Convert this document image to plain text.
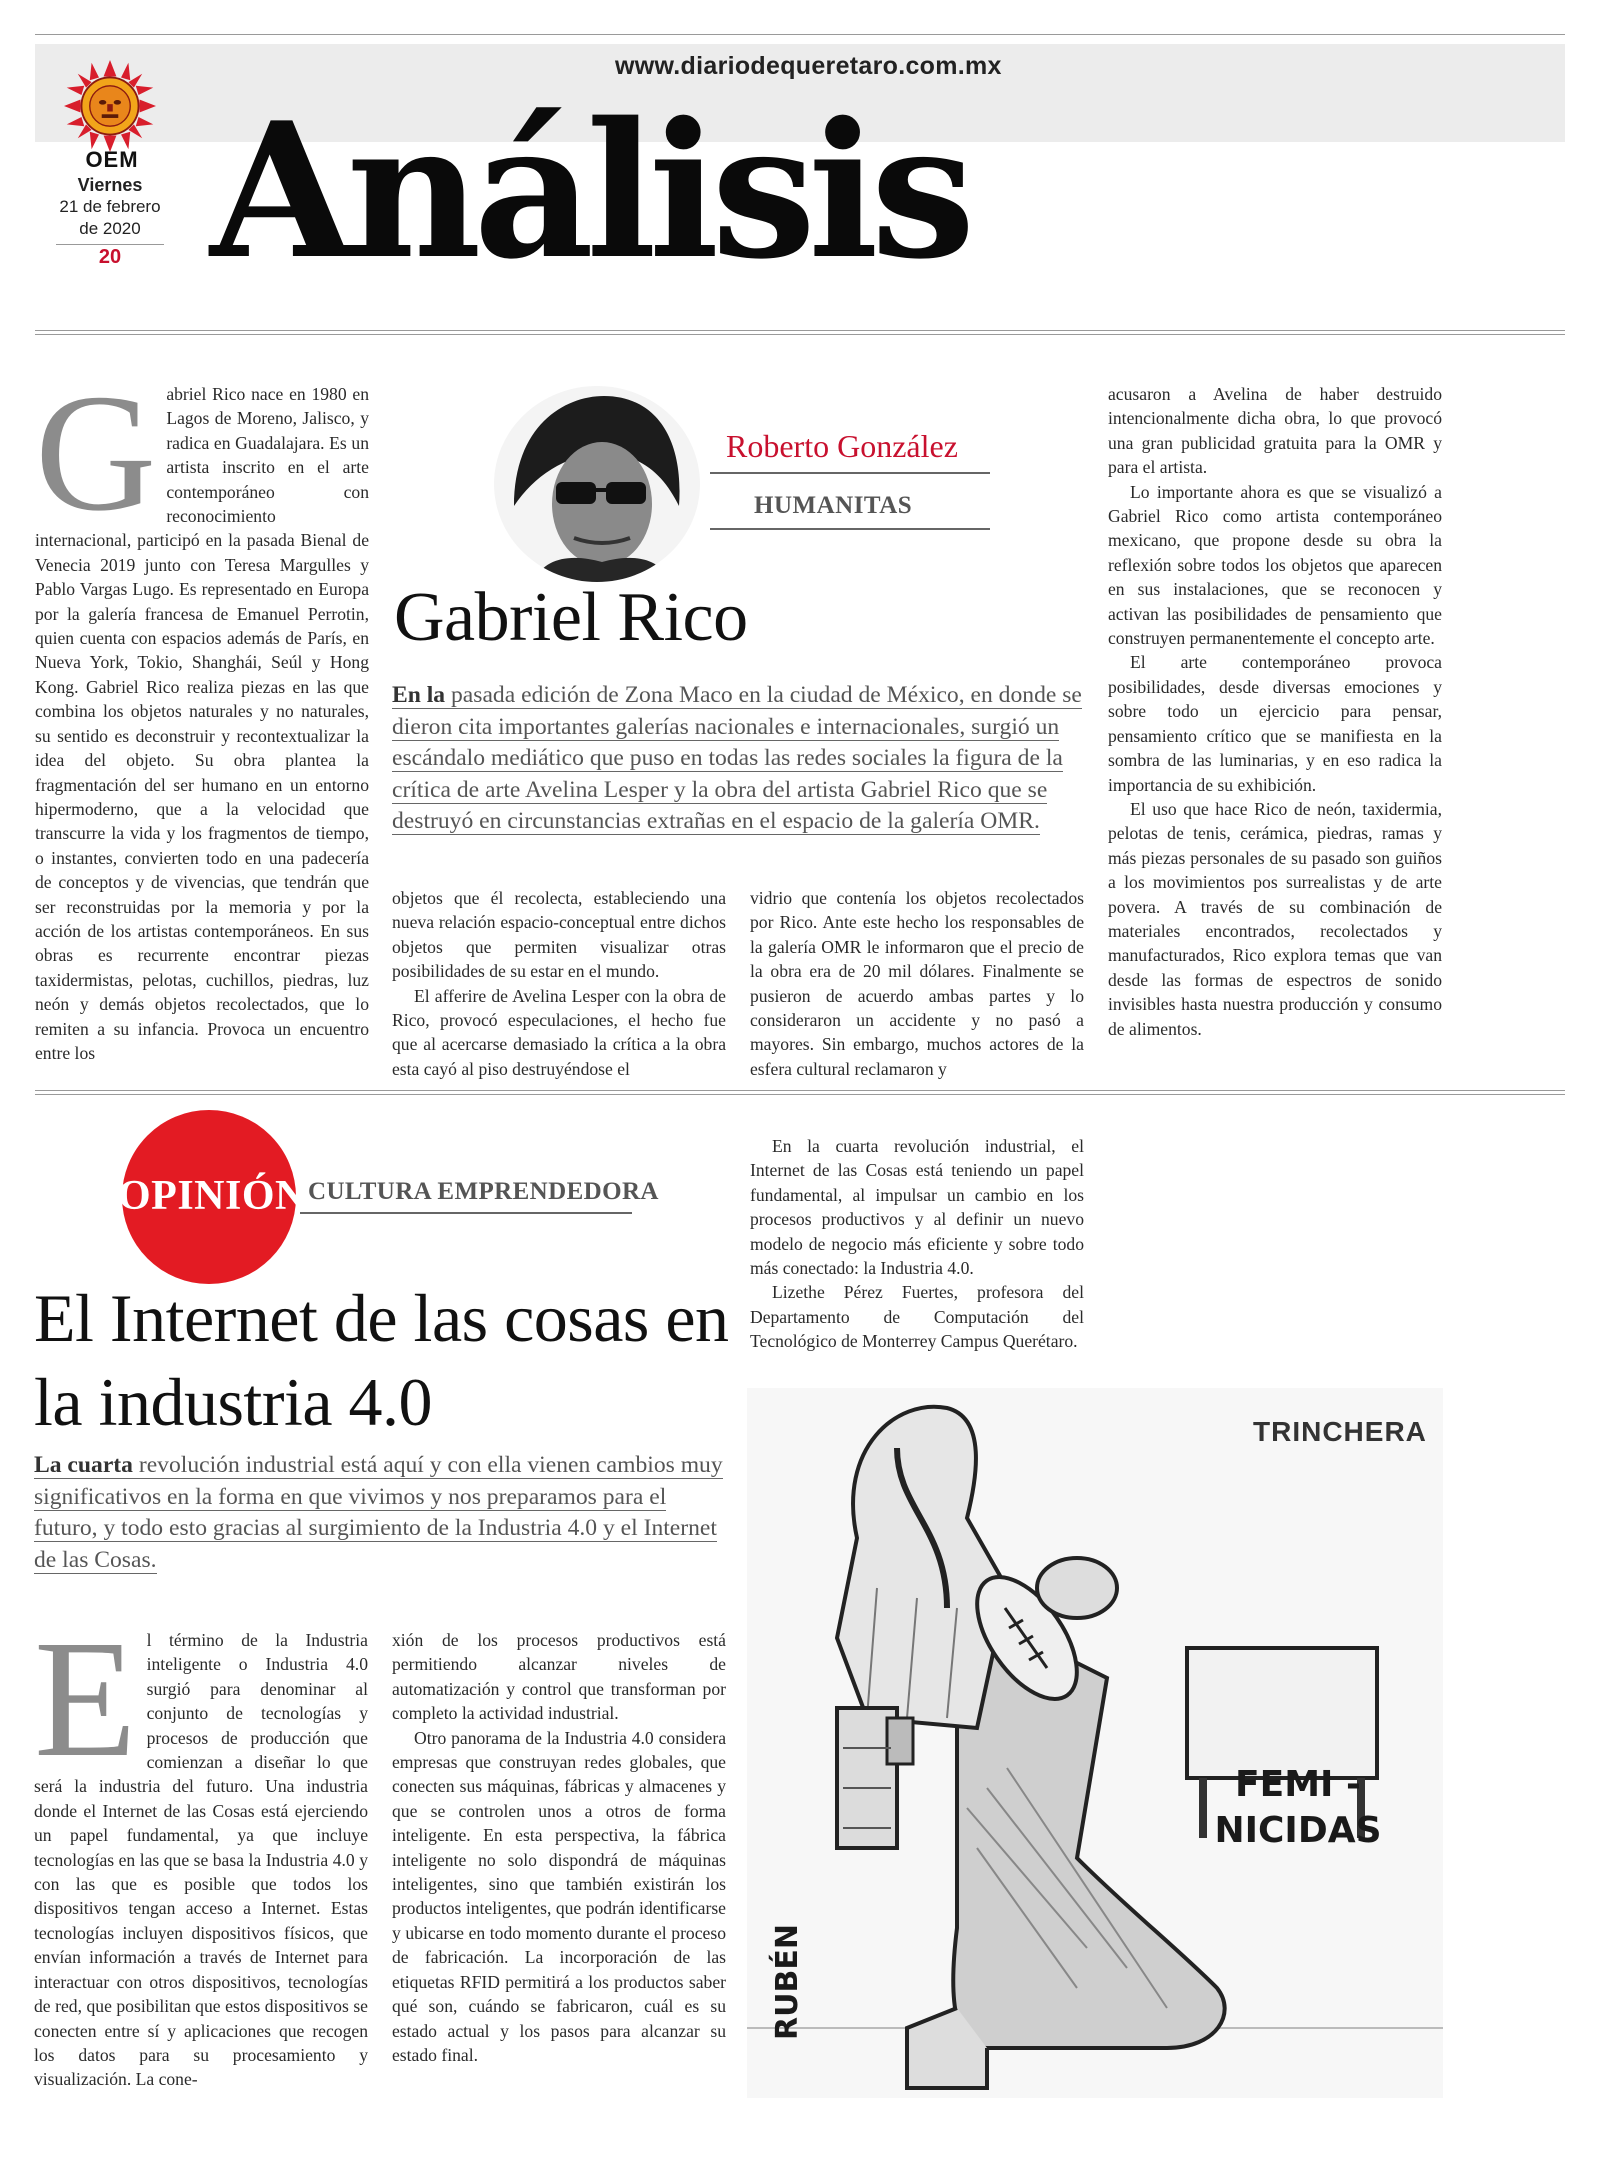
www.diariodequeretaro.com.mx
OEM
Viernes
21 de febrero
de 2020
20 Análisis
G abriel Rico nace en 1980 en Lagos de Moreno, Jalisco, y radica en Guadalajara. Es un artista inscrito en el arte contemporáneo con reconocimiento internacional, participó en la pasada Bienal de Venecia 2019 junto con Teresa Margulles y Pablo Vargas Lugo. Es representado en Europa por la galería francesa de Emanuel Perrotin, quien cuenta con espacios además de París, en Nueva York, Tokio, Shanghái, Seúl y Hong Kong. Gabriel Rico realiza piezas en las que combina los objetos naturales y no naturales, su sentido es deconstruir y recontextualizar la idea del objeto. Su obra plantea la fragmentación del ser humano en un entorno hipermoderno, que a la velocidad que transcurre la vida y los fragmentos de tiempo, o instantes, convierten todo en una padecería de conceptos y de vivencias, que tendrán que ser reconstruidas por la memoria y por la acción de los artistas contemporáneos. En sus obras es recurrente encontrar piezas taxidermistas, pelotas, cuchillos, piedras, luz neón y demás objetos recolectados, que lo remiten a su infancia. Provoca un encuentro entre los

Roberto González
HUMANITAS
Gabriel Rico
En la pasada edición de Zona Maco en la ciudad de México, en donde se dieron cita importantes galerías nacionales e internacionales, surgió un escándalo mediático que puso en todas las redes sociales la figura de la crítica de arte Avelina Lesper y la obra del artista Gabriel Rico que se destruyó en circunstancias extrañas en el espacio de la galería OMR.

objetos que él recolecta, estableciendo una nueva relación espacio-conceptual entre dichos objetos que permiten visualizar otras posibilidades de su estar en el mundo.

El afferire de Avelina Lesper con la obra de Rico, provocó especulaciones, el hecho fue que al acercarse demasiado la crítica a la obra esta cayó al piso destruyéndose el

vidrio que contenía los objetos recolectados por Rico. Ante este hecho los responsables de la galería OMR le informaron que el precio de la obra era de 20 mil dólares. Finalmente se pusieron de acuerdo ambas partes y lo consideraron un accidente y no pasó a mayores. Sin embargo, muchos actores de la esfera cultural reclamaron y

acusaron a Avelina de haber destruido intencionalmente dicha obra, lo que provocó una gran publicidad gratuita para la OMR y para el artista.

Lo importante ahora es que se visualizó a Gabriel Rico como artista contemporáneo mexicano, que propone desde su obra la reflexión sobre todos los objetos que aparecen en sus instalaciones, que se reconocen y activan las posibilidades de pensamiento que construyen permanentemente el concepto arte.

El arte contemporáneo provoca posibilidades, desde diversas emociones y sobre todo un ejercicio para pensar, pensamiento crítico que se manifiesta en la sombra de las luminarias, y en eso radica la importancia de su exhibición.

El uso que hace Rico de neón, taxidermia, pelotas de tenis, cerámica, piedras, ramas y más piezas personales de su pasado son guiños a los movimientos pos surrealistas y de arte povera. A través de su combinación de materiales encontrados, recolectados y manufacturados, Rico explora temas que van desde las formas de espectros de sonido invisibles hasta nuestra producción y consumo de alimentos.

OPINIÓN CULTURA EMPRENDEDORA
El Internet de las cosas en la industria 4.0
La cuarta revolución industrial está aquí y con ella vienen cambios muy significativos en la forma en que vivimos y nos preparamos para el futuro, y todo esto gracias al surgimiento de la Industria 4.0 y el Internet de las Cosas.
E l término de la Industria inteligente o Industria 4.0 surgió para denominar al conjunto de tecnologías y procesos de producción que comienzan a diseñar lo que será la industria del futuro. Una industria donde el Internet de las Cosas está ejerciendo un papel fundamental, ya que incluye tecnologías en las que se basa la Industria 4.0 y con las que es posible que todos los dispositivos tengan acceso a Internet. Estas tecnologías incluyen dispositivos físicos, que envían información a través de Internet para interactuar con otros dispositivos, tecnologías de red, que posibilitan que estos dispositivos se conecten entre sí y aplicaciones que recogen los datos para su procesamiento y visualización. La cone-

xión de los procesos productivos está permitiendo alcanzar niveles de automatización y control que transforman por completo la actividad industrial.

Otro panorama de la Industria 4.0 considera empresas que construyan redes globales, que conecten sus máquinas, fábricas y almacenes y que se controlen unos a otros de forma inteligente. En esta perspectiva, la fábrica inteligente no solo dispondrá de máquinas inteligentes, sino que también existirán los productos inteligentes, que podrán identificarse y ubicarse en todo momento durante el proceso de fabricación. La incorporación de las etiquetas RFID permitirá a los productos saber qué son, cuándo se fabricaron, cuál es su estado actual y los pasos para alcanzar su estado final.

En la cuarta revolución industrial, el Internet de las Cosas está teniendo un papel fundamental, al impulsar un cambio en los procesos productivos y al definir un nuevo modelo de negocio más eficiente y sobre todo más conectado: la Industria 4.0.

Lizethe Pérez Fuertes, profesora del Departamento de Computación del Tecnológico de Monterrey Campus Querétaro.

TRINCHERA
FEMI -
NICIDAS
RUBÉN
